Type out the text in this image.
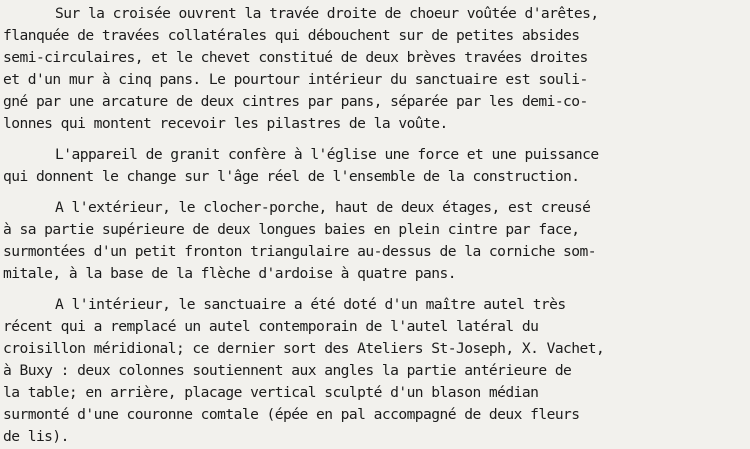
Sur la croisée ouvrent la travée droite de choeur voûtée d'arêtes,
flanquée de travées collatérales qui débouchent sur de petites absides
semi-circulaires, et le chevet constitué de deux brèves travées droites
et d'un mur à cinq pans. Le pourtour intérieur du sanctuaire est souli-
gné par une arcature de deux cintres par pans, séparée par les demi-co-
lonnes qui montent recevoir les pilastres de la voûte.
L'appareil de granit confère à l'église une force et une puissance
qui donnent le change sur l'âge réel de l'ensemble de la construction.
A l'extérieur, le clocher-porche, haut de deux étages, est creusé
à sa partie supérieure de deux longues baies en plein cintre par face,
surmontées d'un petit fronton triangulaire au-dessus de la corniche som-
mitale, à la base de la flèche d'ardoise à quatre pans.
A l'intérieur, le sanctuaire a été doté d'un maître autel très
récent qui a remplacé un autel contemporain de l'autel latéral du
croisillon méridional; ce dernier sort des Ateliers St-Joseph, X. Vachet,
à Buxy : deux colonnes soutiennent aux angles la partie antérieure de
la table; en arrière, placage vertical sculpté d'un blason médian
surmonté d'une couronne comtale (épée en pal accompagné de deux fleurs
de lis).
